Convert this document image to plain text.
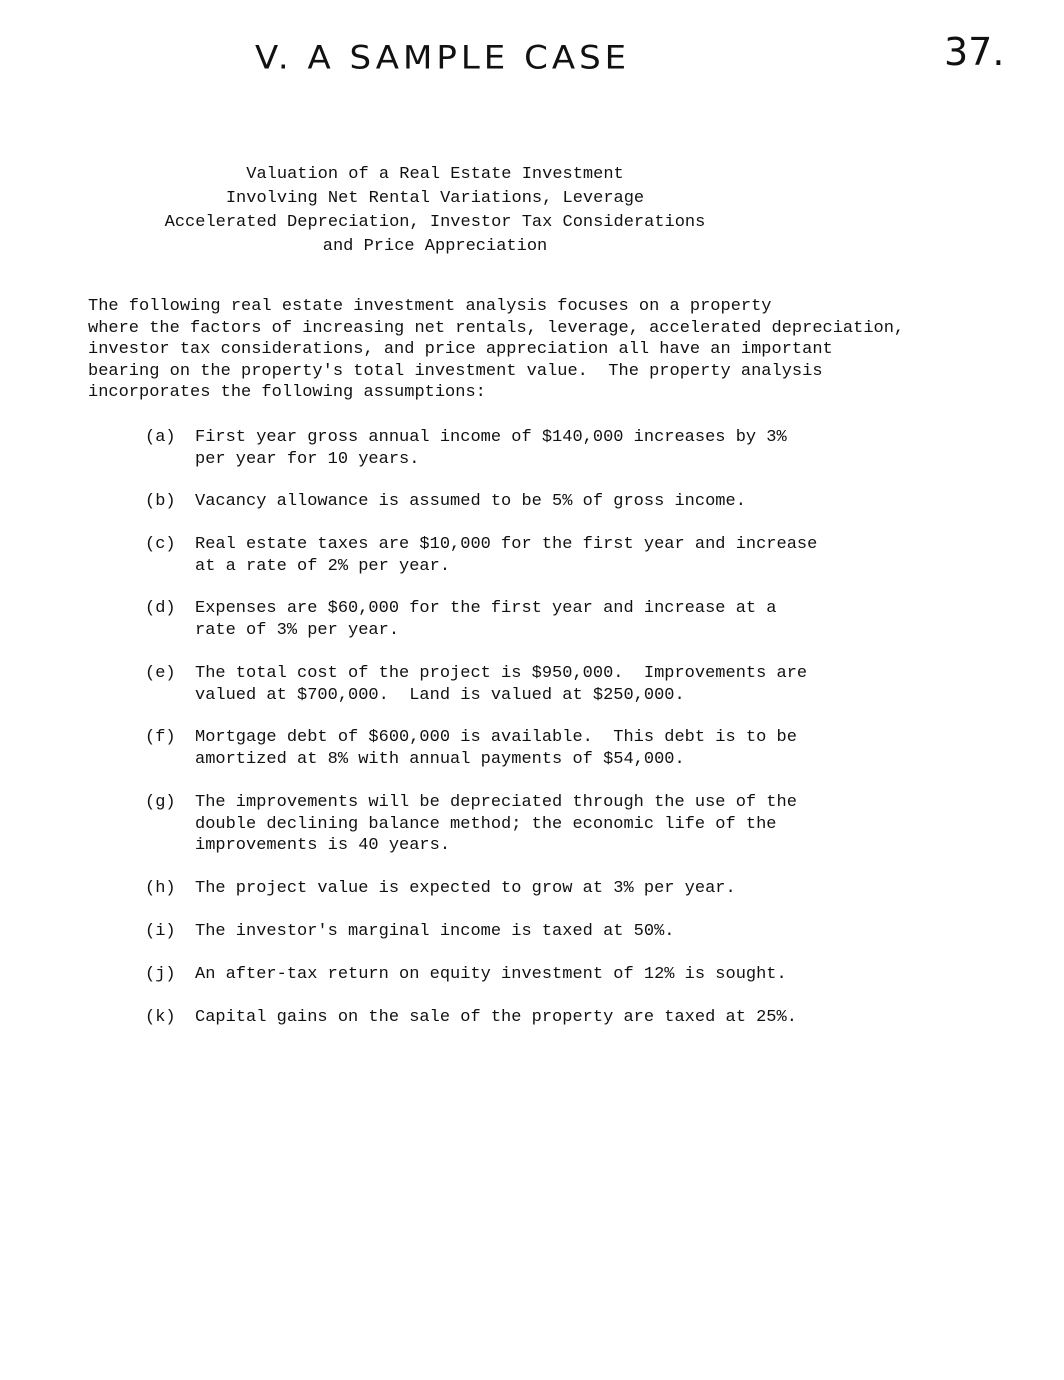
V. A SAMPLE CASE	37.
Valuation of a Real Estate Investment
Involving Net Rental Variations, Leverage
Accelerated Depreciation, Investor Tax Considerations
and Price Appreciation
The following real estate investment analysis focuses on a property
where the factors of increasing net rentals, leverage, accelerated depreciation,
investor tax considerations, and price appreciation all have an important
bearing on the property's total investment value.  The property analysis
incorporates the following assumptions:
(a)	First year gross annual income of $140,000 increases by 3%
per year for 10 years.
(b)	Vacancy allowance is assumed to be 5% of gross income.
(c)	Real estate taxes are $10,000 for the first year and increase
at a rate of 2% per year.
(d)	Expenses are $60,000 for the first year and increase at a
rate of 3% per year.
(e)	The total cost of the project is $950,000.  Improvements are
valued at $700,000.  Land is valued at $250,000.
(f)	Mortgage debt of $600,000 is available.  This debt is to be
amortized at 8% with annual payments of $54,000.
(g)	The improvements will be depreciated through the use of the
double declining balance method; the economic life of the
improvements is 40 years.
(h)	The project value is expected to grow at 3% per year.
(i)	The investor's marginal income is taxed at 50%.
(j)	An after-tax return on equity investment of 12% is sought.
(k)	Capital gains on the sale of the property are taxed at 25%.
